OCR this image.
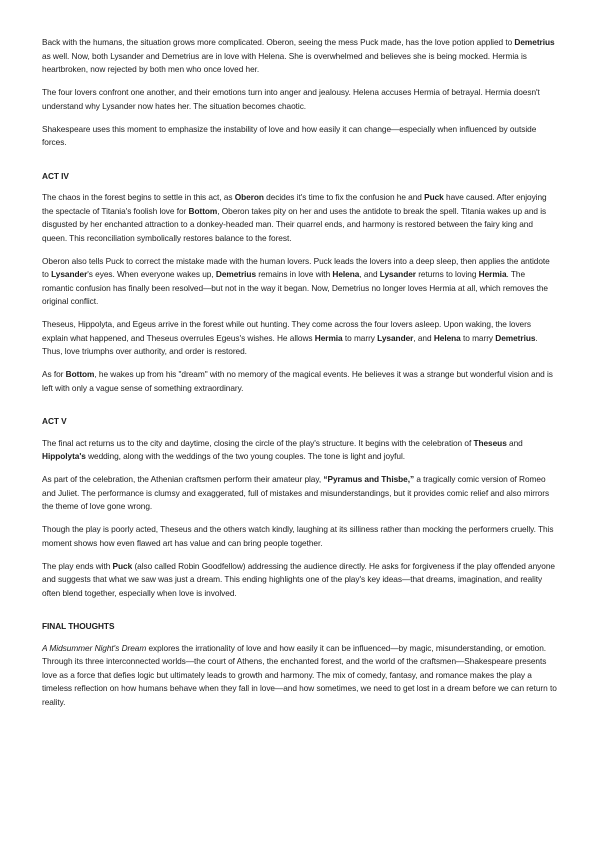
Back with the humans, the situation grows more complicated. Oberon, seeing the mess Puck made, has the love potion applied to Demetrius as well. Now, both Lysander and Demetrius are in love with Helena. She is overwhelmed and believes she is being mocked. Hermia is heartbroken, now rejected by both men who once loved her.

The four lovers confront one another, and their emotions turn into anger and jealousy. Helena accuses Hermia of betrayal. Hermia doesn't understand why Lysander now hates her. The situation becomes chaotic.

Shakespeare uses this moment to emphasize the instability of love and how easily it can change—especially when influenced by outside forces.

ACT IV

The chaos in the forest begins to settle in this act, as Oberon decides it's time to fix the confusion he and Puck have caused. After enjoying the spectacle of Titania's foolish love for Bottom, Oberon takes pity on her and uses the antidote to break the spell. Titania wakes up and is disgusted by her enchanted attraction to a donkey-headed man. Their quarrel ends, and harmony is restored between the fairy king and queen. This reconciliation symbolically restores balance to the forest.

Oberon also tells Puck to correct the mistake made with the human lovers. Puck leads the lovers into a deep sleep, then applies the antidote to Lysander's eyes. When everyone wakes up, Demetrius remains in love with Helena, and Lysander returns to loving Hermia. The romantic confusion has finally been resolved—but not in the way it began. Now, Demetrius no longer loves Hermia at all, which removes the original conflict.

Theseus, Hippolyta, and Egeus arrive in the forest while out hunting. They come across the four lovers asleep. Upon waking, the lovers explain what happened, and Theseus overrules Egeus's wishes. He allows Hermia to marry Lysander, and Helena to marry Demetrius. Thus, love triumphs over authority, and order is restored.

As for Bottom, he wakes up from his "dream" with no memory of the magical events. He believes it was a strange but wonderful vision and is left with only a vague sense of something extraordinary.

ACT V

The final act returns us to the city and daytime, closing the circle of the play's structure. It begins with the celebration of Theseus and Hippolyta's wedding, along with the weddings of the two young couples. The tone is light and joyful.

As part of the celebration, the Athenian craftsmen perform their amateur play, “Pyramus and Thisbe,” a tragically comic version of Romeo and Juliet. The performance is clumsy and exaggerated, full of mistakes and misunderstandings, but it provides comic relief and also mirrors the theme of love gone wrong.

Though the play is poorly acted, Theseus and the others watch kindly, laughing at its silliness rather than mocking the performers cruelly. This moment shows how even flawed art has value and can bring people together.

The play ends with Puck (also called Robin Goodfellow) addressing the audience directly. He asks for forgiveness if the play offended anyone and suggests that what we saw was just a dream. This ending highlights one of the play's key ideas—that dreams, imagination, and reality often blend together, especially when love is involved.

FINAL THOUGHTS

A Midsummer Night's Dream explores the irrationality of love and how easily it can be influenced—by magic, misunderstanding, or emotion. Through its three interconnected worlds—the court of Athens, the enchanted forest, and the world of the craftsmen—Shakespeare presents love as a force that defies logic but ultimately leads to growth and harmony. The mix of comedy, fantasy, and romance makes the play a timeless reflection on how humans behave when they fall in love—and how sometimes, we need to get lost in a dream before we can return to reality.
